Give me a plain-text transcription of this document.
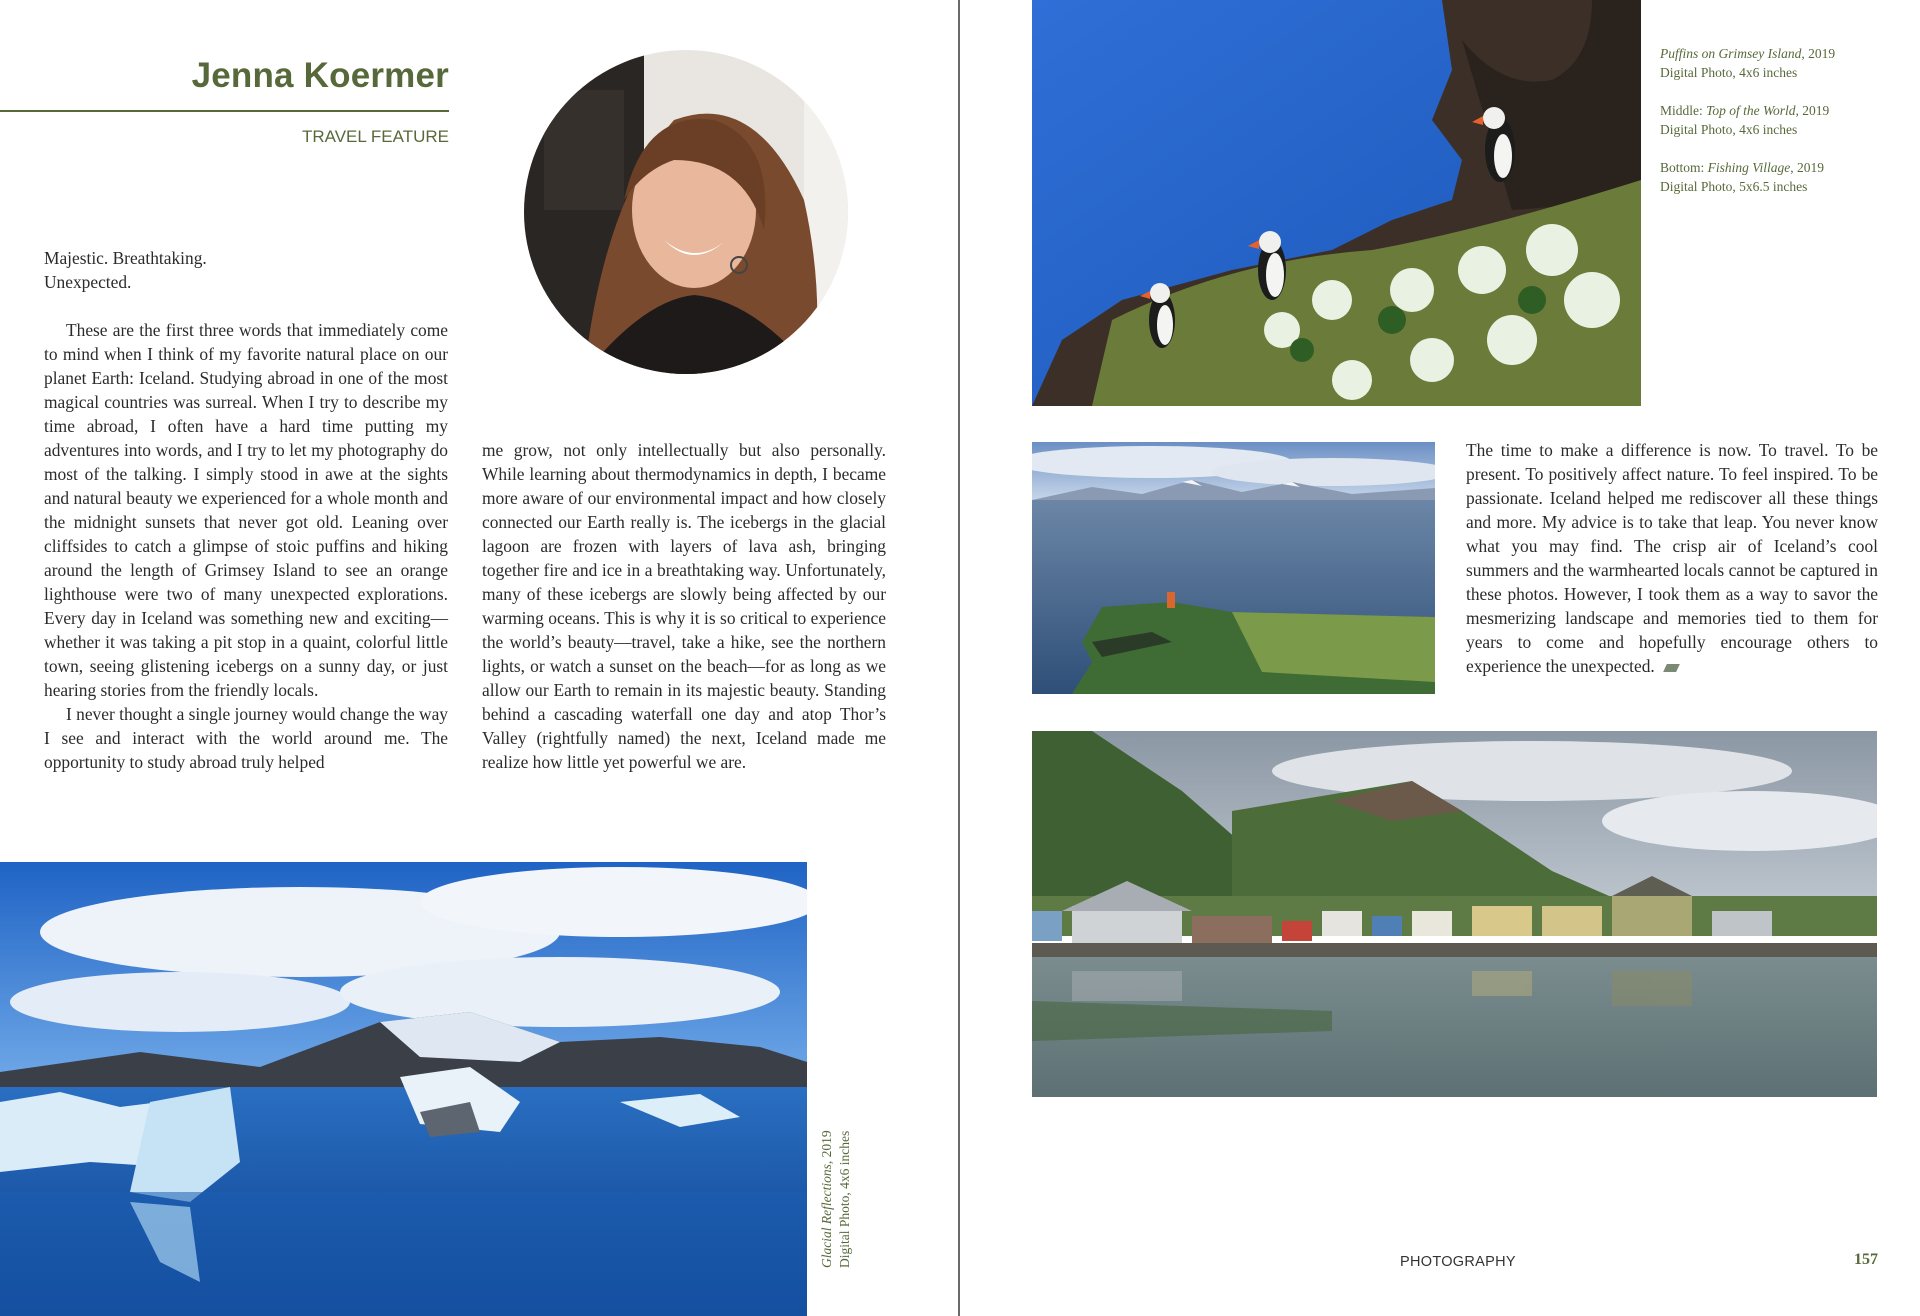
Jenna Koermer
TRAVEL FEATURE
Majestic. Breathtaking.
Unexpected.

These are the first three words that immediately come to mind when I think of my favorite natural place on our planet Earth: Iceland. Studying abroad in one of the most magical countries was surreal. When I try to describe my time abroad, I often have a hard time putting my adventures into words, and I try to let my photography do most of the talking. I simply stood in awe at the sights and natural beauty we experienced for a whole month and the midnight sunsets that never got old. Leaning over cliffsides to catch a glimpse of stoic puffins and hiking around the length of Grimsey Island to see an orange lighthouse were two of many unexpected explorations. Every day in Iceland was something new and exciting—whether it was taking a pit stop in a quaint, colorful little town, seeing glistening icebergs on a sunny day, or just hearing stories from the friendly locals.

I never thought a single journey would change the way I see and interact with the world around me. The opportunity to study abroad truly helped

me grow, not only intellectually but also personally. While learning about thermodynamics in depth, I became more aware of our environmental impact and how closely connected our Earth really is. The icebergs in the glacial lagoon are frozen with layers of lava ash, bringing together fire and ice in a breathtaking way. Unfortunately, many of these icebergs are slowly being affected by our warming oceans. This is why it is so critical to experience the world’s beauty—travel, take a hike, see the northern lights, or watch a sunset on the beach—for as long as we allow our Earth to remain in its majestic beauty. Standing behind a cascading waterfall one day and atop Thor’s Valley (rightfully named) the next, Iceland made me realize how little yet powerful we are.

Glacial Reflections, 2019 Digital Photo, 4x6 inches
Puffins on Grimsey Island, 2019
Digital Photo, 4x6 inches
Middle: Top of the World, 2019
Digital Photo, 4x6 inches
Bottom: Fishing Village, 2019
Digital Photo, 5x6.5 inches

The time to make a difference is now. To travel. To be present. To positively affect nature. To feel inspired. To be passionate. Iceland helped me rediscover all these things and more. My advice is to take that leap. You never know what you may find. The crisp air of Iceland’s cool summers and the warmhearted locals cannot be captured in these photos. However, I took them as a way to savor the mesmerizing landscape and memories tied to them for years to come and hopefully encourage others to experience the unexpected.

PHOTOGRAPHY	157
